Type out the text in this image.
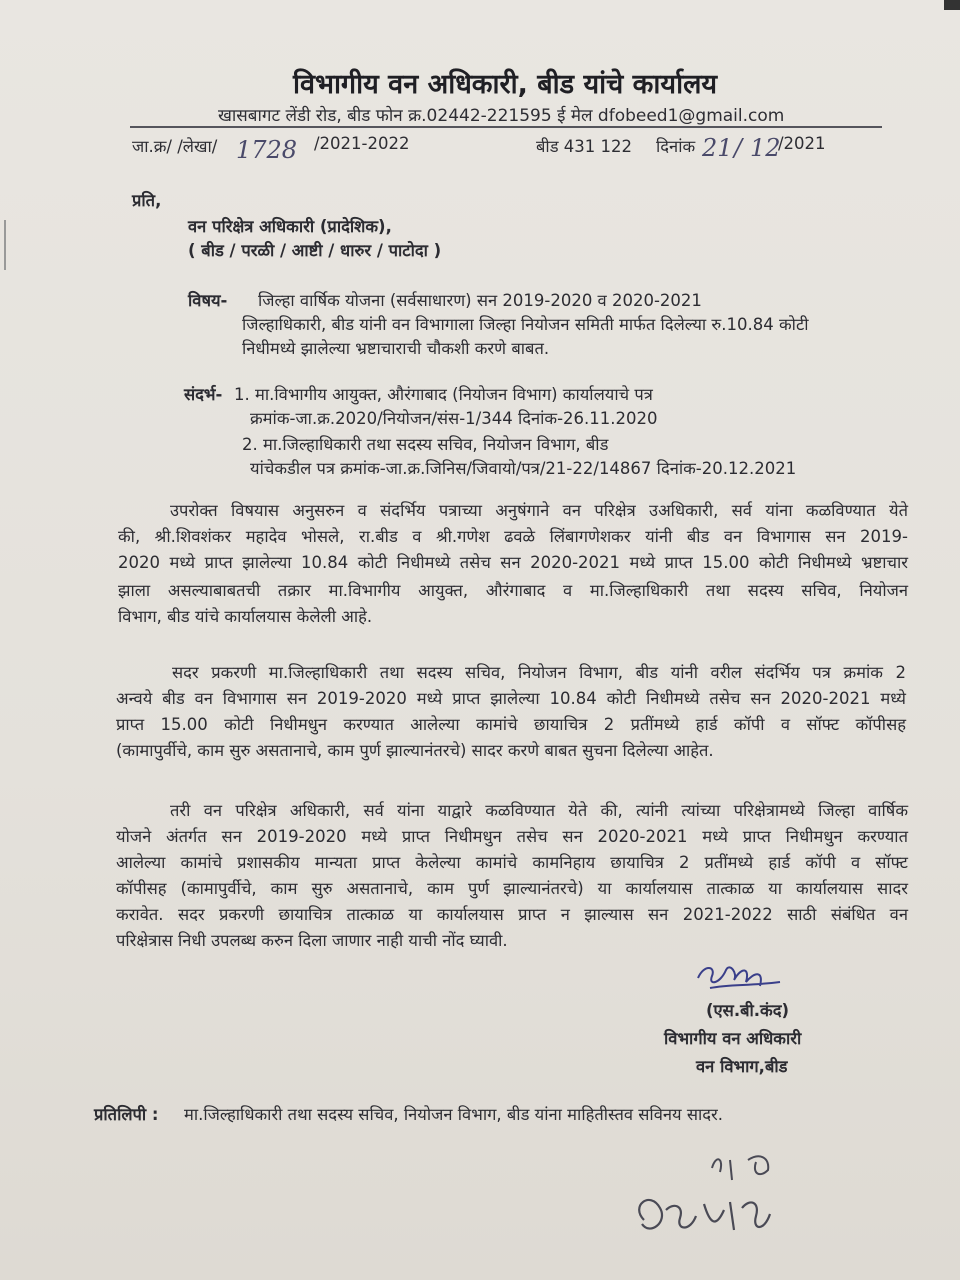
विभागीय वन अधिकारी, बीड यांचे कार्यालय
खासबागट लेंडी रोड, बीड फोन क्र.02442-221595 ई मेल dfobeed1@gmail.com
जा.क्र/ /लेखा/ 1728 /2021-2022	बीड 431 122 दिनांक 21 / 12
/2021
प्रति,
वन परिक्षेत्र अधिकारी (प्रादेशिक),
( बीड / परळी / आष्टी / धारुर / पाटोदा )
विषय- जिल्हा वार्षिक योजना (सर्वसाधारण) सन 2019-2020 व 2020-2021
जिल्हाधिकारी, बीड यांनी वन विभागाला जिल्हा नियोजन समिती मार्फत दिलेल्या रु.10.84 कोटी
निधीमध्ये झालेल्या भ्रष्टाचाराची चौकशी करणे बाबत.
संदर्भ- 1. मा.विभागीय आयुक्त, औरंगाबाद (नियोजन विभाग) कार्यालयाचे पत्र
क्रमांक-जा.क्र.2020/नियोजन/संस-1/344 दिनांक-26.11.2020
2. मा.जिल्हाधिकारी तथा सदस्य सचिव, नियोजन विभाग, बीड
यांचेकडील पत्र क्रमांक-जा.क्र.जिनिस/जिवायो/पत्र/21-22/14867 दिनांक-20.12.2021
उपरोक्त विषयास अनुसरुन व संदर्भिय पत्राच्या अनुषंगाने वन परिक्षेत्र उअधिकारी, सर्व यांना कळविण्यात येते
की, श्री.शिवशंकर महादेव भोसले, रा.बीड व श्री.गणेश ढवळे लिंबागणेशकर यांनी बीड वन विभागास सन 2019-
2020 मध्ये प्राप्त झालेल्या 10.84 कोटी निधीमध्ये तसेच सन 2020-2021 मध्ये प्राप्त 15.00 कोटी निधीमध्ये भ्रष्टाचार
झाला असल्याबाबतची तक्रार मा.विभागीय आयुक्त, औरंगाबाद व मा.जिल्हाधिकारी तथा सदस्य सचिव, नियोजन
विभाग, बीड यांचे कार्यालयास केलेली आहे.
सदर प्रकरणी मा.जिल्हाधिकारी तथा सदस्य सचिव, नियोजन विभाग, बीड यांनी वरील संदर्भिय पत्र क्रमांक 2
अन्वये बीड वन विभागास सन 2019-2020 मध्ये प्राप्त झालेल्या 10.84 कोटी निधीमध्ये तसेच सन 2020-2021 मध्ये
प्राप्त 15.00 कोटी निधीमधुन करण्यात आलेल्या कामांचे छायाचित्र 2 प्रतींमध्ये हार्ड कॉपी व सॉफ्ट कॉपीसह
(कामापुर्वीचे, काम सुरु असतानाचे, काम पुर्ण झाल्यानंतरचे) सादर करणे बाबत सुचना दिलेल्या आहेत.
तरी वन परिक्षेत्र अधिकारी, सर्व यांना याद्वारे कळविण्यात येते की, त्यांनी त्यांच्या परिक्षेत्रामध्ये जिल्हा वार्षिक
योजने अंतर्गत सन 2019-2020 मध्ये प्राप्त निधीमधुन तसेच सन 2020-2021 मध्ये प्राप्त निधीमधुन करण्यात
आलेल्या कामांचे प्रशासकीय मान्यता प्राप्त केलेल्या कामांचे कामनिहाय छायाचित्र 2 प्रतींमध्ये हार्ड कॉपी व सॉफ्ट
कॉपीसह (कामापुर्वीचे, काम सुरु असतानाचे, काम पुर्ण झाल्यानंतरचे) या कार्यालयास तात्काळ या कार्यालयास सादर
करावेत. सदर प्रकरणी छायाचित्र तात्काळ या कार्यालयास प्राप्त न झाल्यास सन 2021-2022 साठी संबंधित वन
परिक्षेत्रास निधी उपलब्ध करुन दिला जाणार नाही याची नोंद घ्यावी.
(एस.बी.कंद)
विभागीय वन अधिकारी
वन विभाग,बीड
प्रतिलिपी : मा.जिल्हाधिकारी तथा सदस्य सचिव, नियोजन विभाग, बीड यांना माहितीस्तव सविनय सादर.
